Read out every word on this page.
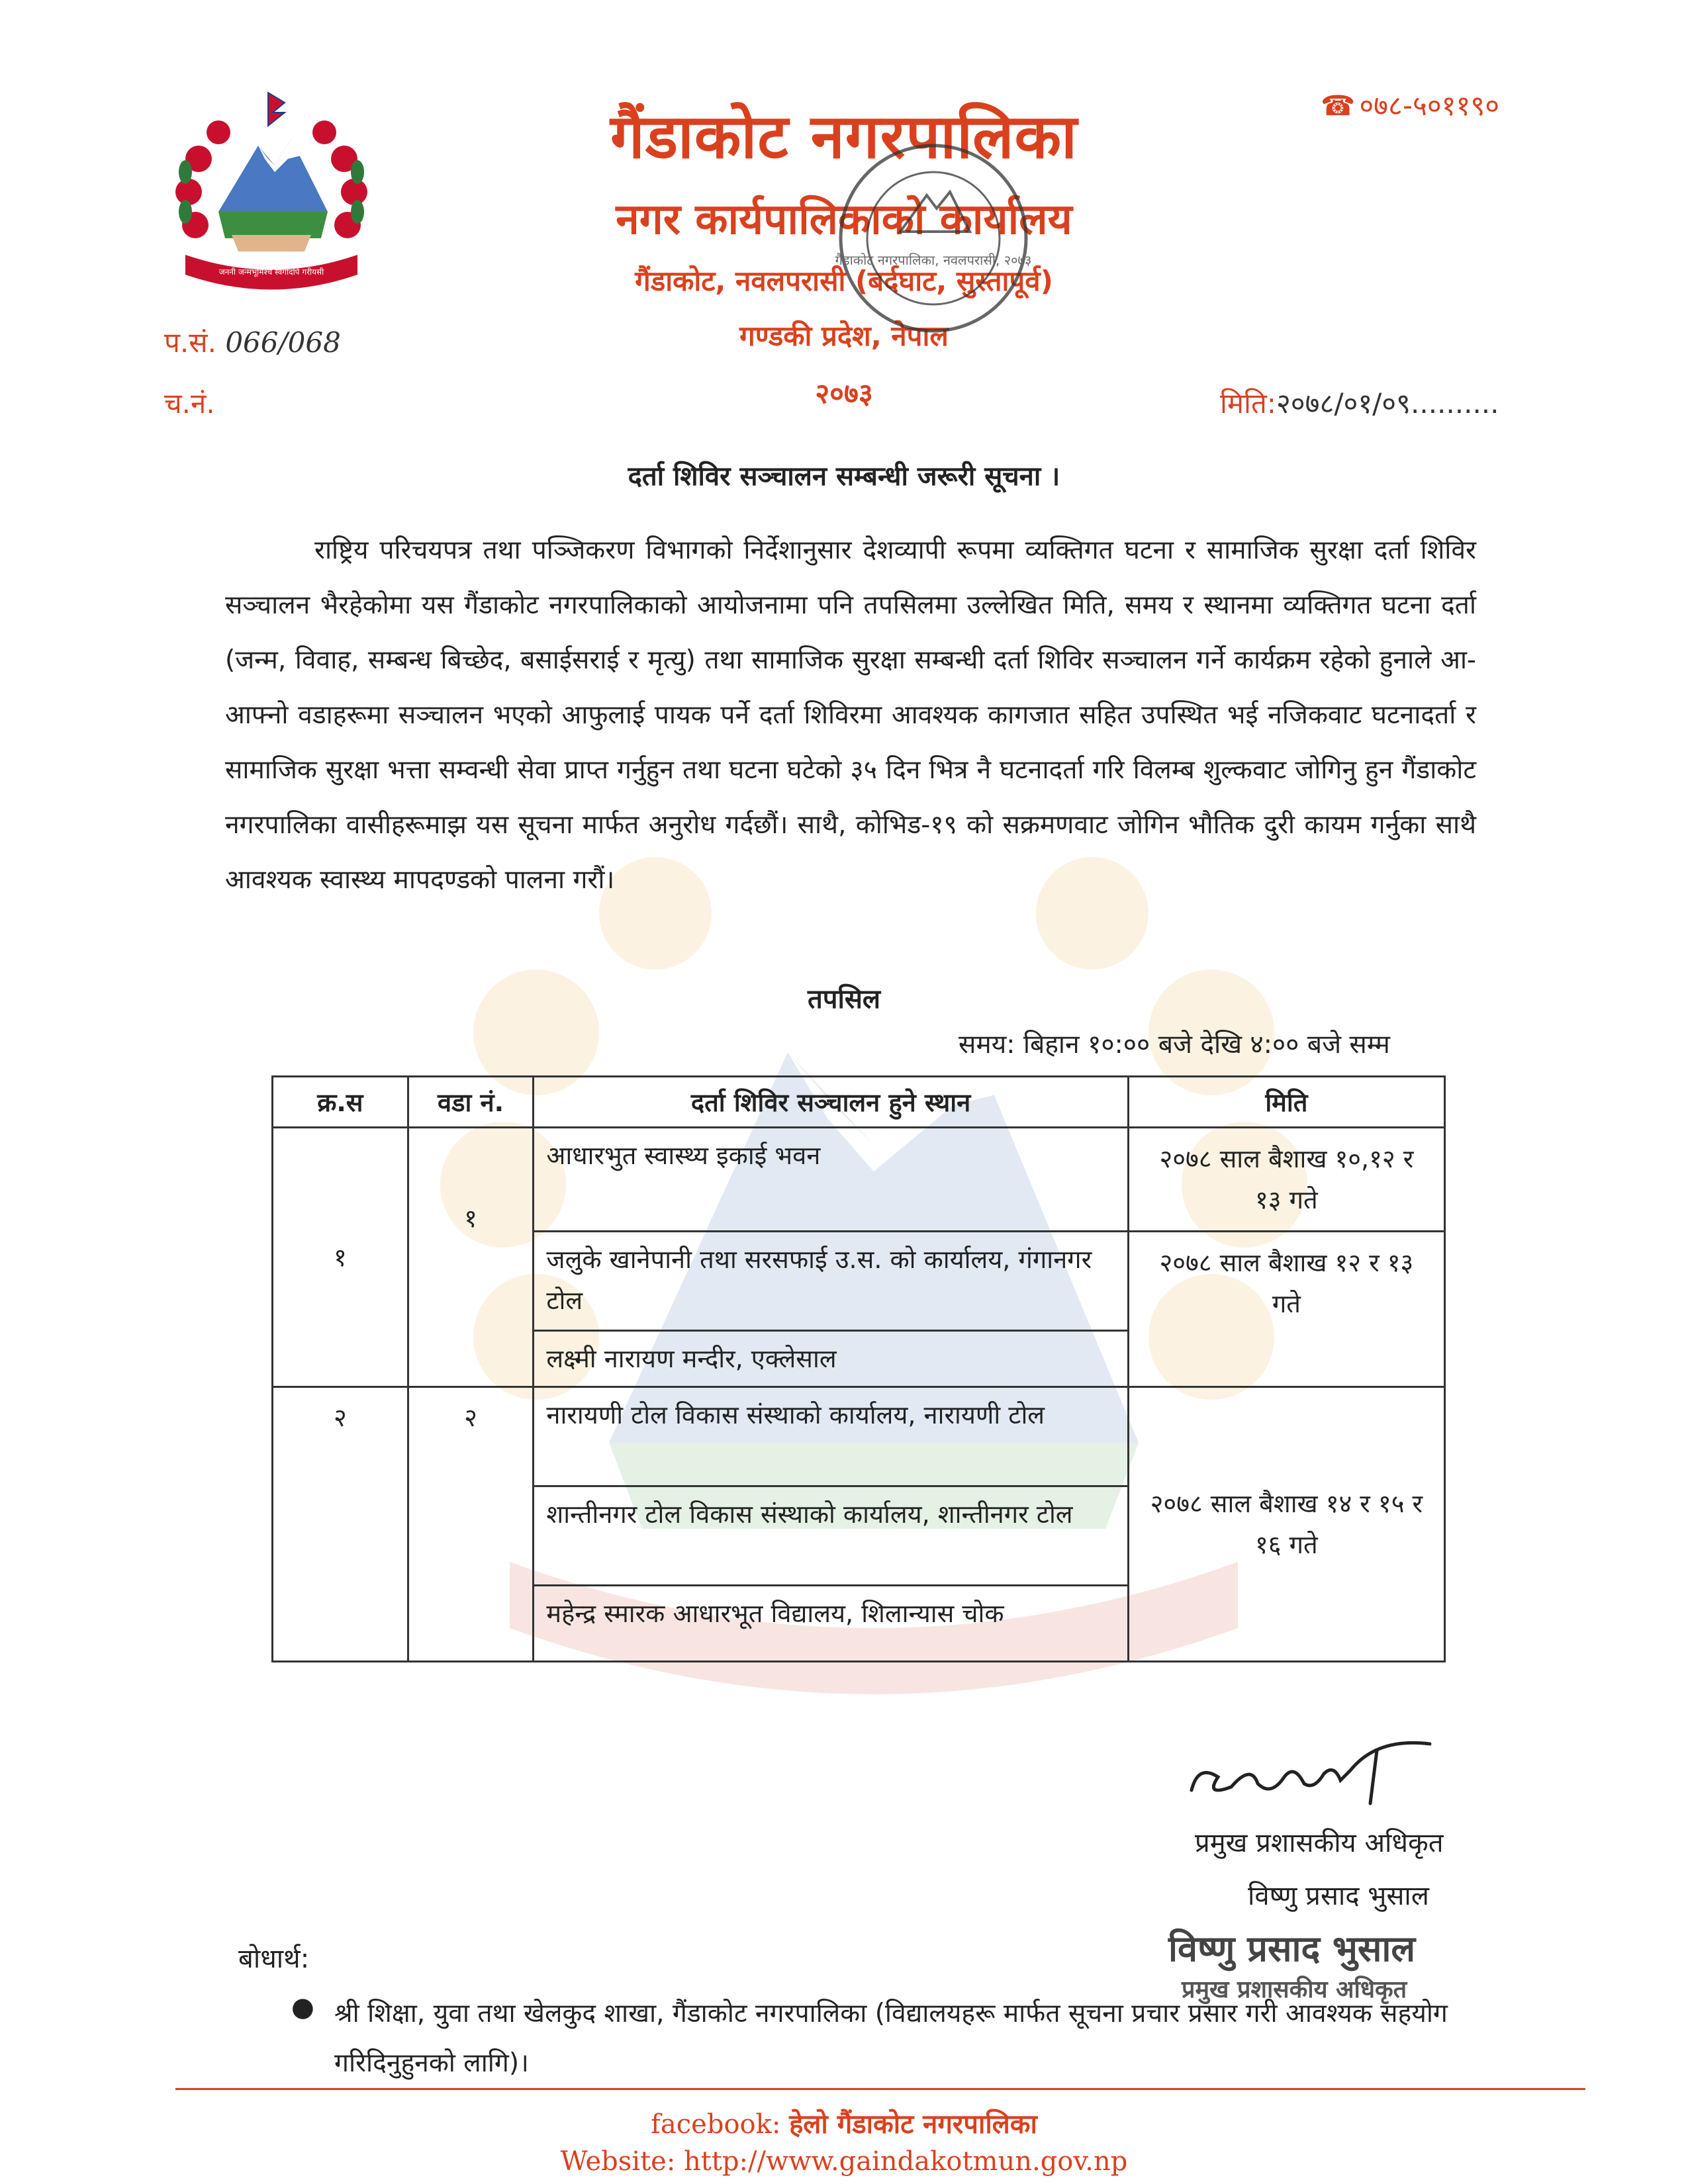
जननी जन्मभूमिश्च स्वर्गादपि गरीयसी
गैंडाकोट नगरपालिका
नगर कार्यपालिकाको कार्यालय
गैंडाकोट, नवलपरासी (बर्दघाट, सुस्तापूर्व)
गण्डकी प्रदेश, नेपाल
२०७३
☎ ०७८-५०११९०
प.सं. 066/068
च.नं.	मिति:२०७८/०१/०९..........
गैंडाकोट नगरपालिका, नवलपरासी, २०७३
दर्ता शिविर सञ्चालन सम्बन्धी जरूरी सूचना ।
राष्ट्रिय परिचयपत्र तथा पञ्जिकरण विभागको निर्देशानुसार देशव्यापी रूपमा व्यक्तिगत घटना र सामाजिक सुरक्षा दर्ता शिविर सञ्चालन भैरहेकोमा यस गैंडाकोट नगरपालिकाको आयोजनामा पनि तपसिलमा उल्लेखित मिति, समय र स्थानमा व्यक्तिगत घटना दर्ता (जन्म, विवाह, सम्बन्ध बिच्छेद, बसाईसराई र मृत्यु) तथा सामाजिक सुरक्षा सम्बन्धी दर्ता शिविर सञ्चालन गर्ने कार्यक्रम रहेको हुनाले आ-आफ्नो वडाहरूमा सञ्चालन भएको आफुलाई पायक पर्ने दर्ता शिविरमा आवश्यक कागजात सहित उपस्थित भई नजिकवाट घटनादर्ता र सामाजिक सुरक्षा भत्ता सम्वन्धी सेवा प्राप्त गर्नुहुन तथा घटना घटेको ३५ दिन भित्र नै घटनादर्ता गरि विलम्ब शुल्कवाट जोगिनु हुन गैंडाकोट नगरपालिका वासीहरूमाझ यस सूचना मार्फत अनुरोध गर्दछौं। साथै, कोभिड-१९ को सक्रमणवाट जोगिन भौतिक दुरी कायम गर्नुका साथै आवश्यक स्वास्थ्य मापदण्डको पालना गरौं।
तपसिल
समय: बिहान १०:०० बजे देखि ४:०० बजे सम्म
क्र.स	वडा नं.	दर्ता शिविर सञ्चालन हुने स्थान	मिति
१	१	आधारभुत स्वास्थ्य इकाई भवन	२०७८ साल बैशाख १०,१२ र १३ गते
		जलुके खानेपानी तथा सरसफाई उ.स. को कार्यालय, गंगानगर टोल	२०७८ साल बैशाख १२ र १३ गते
		लक्ष्मी नारायण मन्दीर, एक्लेसाल	
२	२	नारायणी टोल विकास संस्थाको कार्यालय, नारायणी टोल	२०७८ साल बैशाख १४ र १५ र १६ गते
		शान्तीनगर टोल विकास संस्थाको कार्यालय, शान्तीनगर टोल	
		महेन्द्र स्मारक आधारभूत विद्यालय, शिलान्यास चोक	
प्रमुख प्रशासकीय अधिकृत
विष्णु प्रसाद भुसाल
विष्णु प्रसाद भुसाल
प्रमुख प्रशासकीय अधिकृत
बोधार्थ:
● श्री शिक्षा, युवा तथा खेलकुद शाखा, गैंडाकोट नगरपालिका (विद्यालयहरू मार्फत सूचना प्रचार प्रसार गरी आवश्यक सहयोग गरिदिनुहुनको लागि)।
facebook: हेलो गैंडाकोट नगरपालिका
Website: http://www.gaindakotmun.gov.np
